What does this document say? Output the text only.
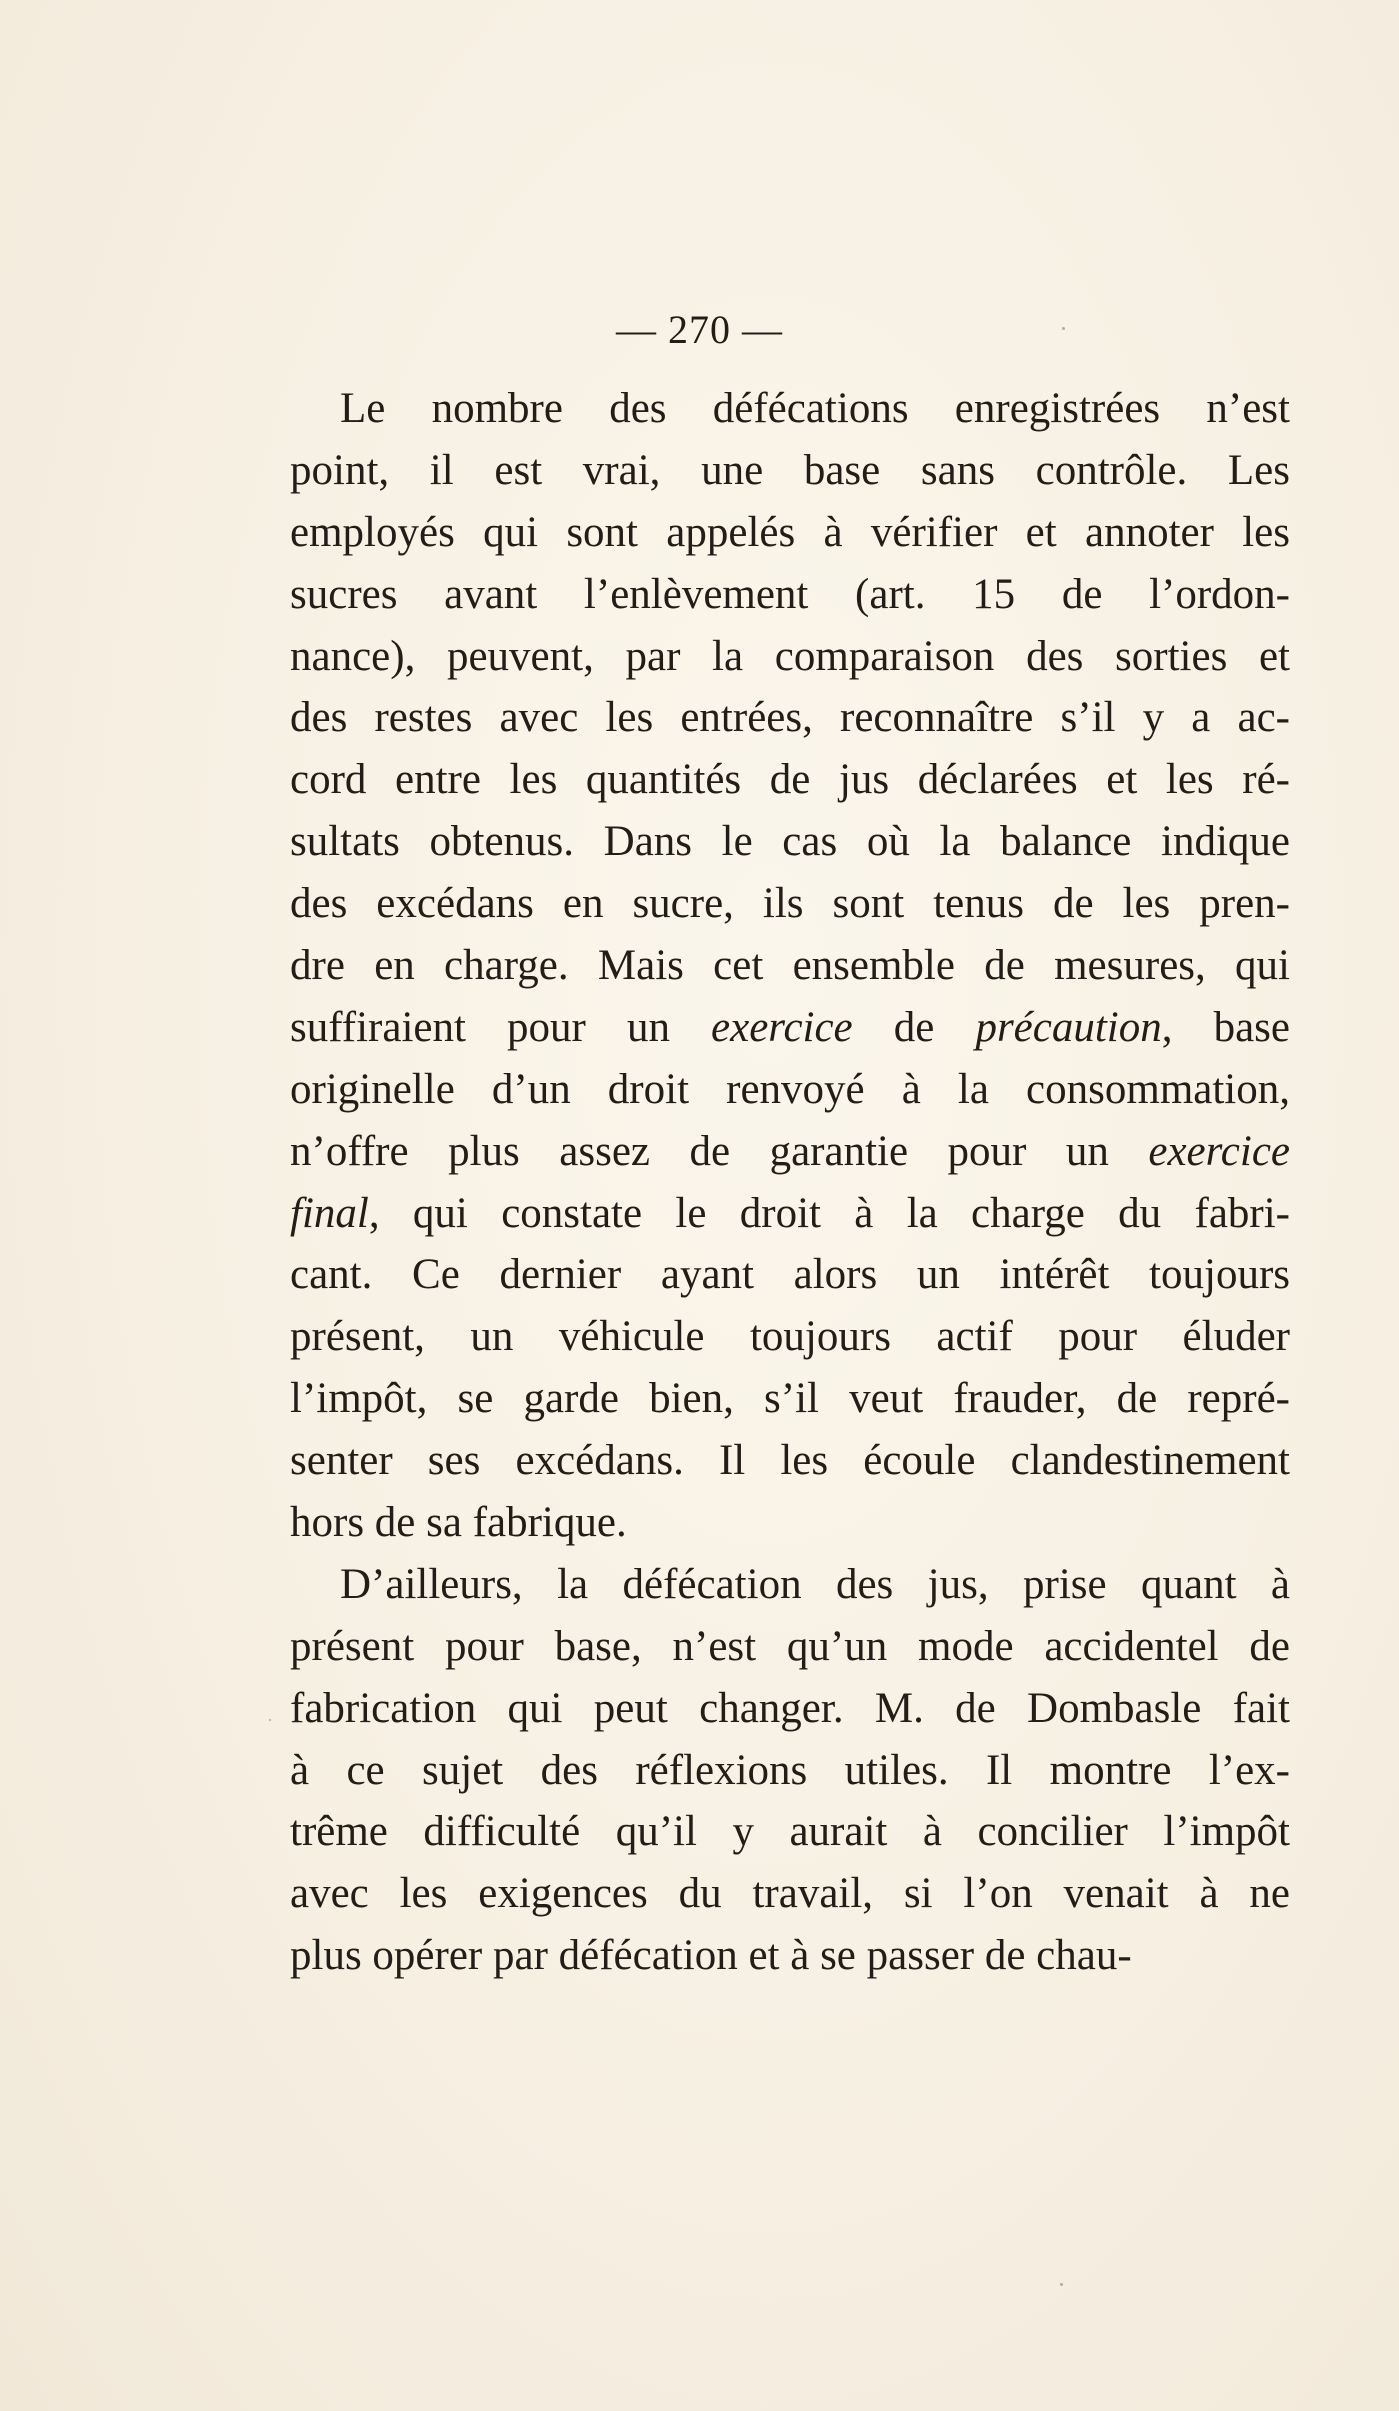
— 270 —
Le nombre des défécations enregistrées n’est
point, il est vrai, une base sans contrôle. Les
employés qui sont appelés à vérifier et annoter les
sucres avant l’enlèvement (art. 15 de l’ordon-
nance), peuvent, par la comparaison des sorties et
des restes avec les entrées, reconnaître s’il y a ac-
cord entre les quantités de jus déclarées et les ré-
sultats obtenus. Dans le cas où la balance indique
des excédans en sucre, ils sont tenus de les pren-
dre en charge. Mais cet ensemble de mesures, qui
suffiraient pour un exercice de précaution, base
originelle d’un droit renvoyé à la consommation,
n’offre plus assez de garantie pour un exercice
final, qui constate le droit à la charge du fabri-
cant. Ce dernier ayant alors un intérêt toujours
présent, un véhicule toujours actif pour éluder
l’impôt, se garde bien, s’il veut frauder, de repré-
senter ses excédans. Il les écoule clandestinement
hors de sa fabrique.
D’ailleurs, la défécation des jus, prise quant à
présent pour base, n’est qu’un mode accidentel de
fabrication qui peut changer. M. de Dombasle fait
à ce sujet des réflexions utiles. Il montre l’ex-
trême difficulté qu’il y aurait à concilier l’impôt
avec les exigences du travail, si l’on venait à ne
plus opérer par défécation et à se passer de chau-
